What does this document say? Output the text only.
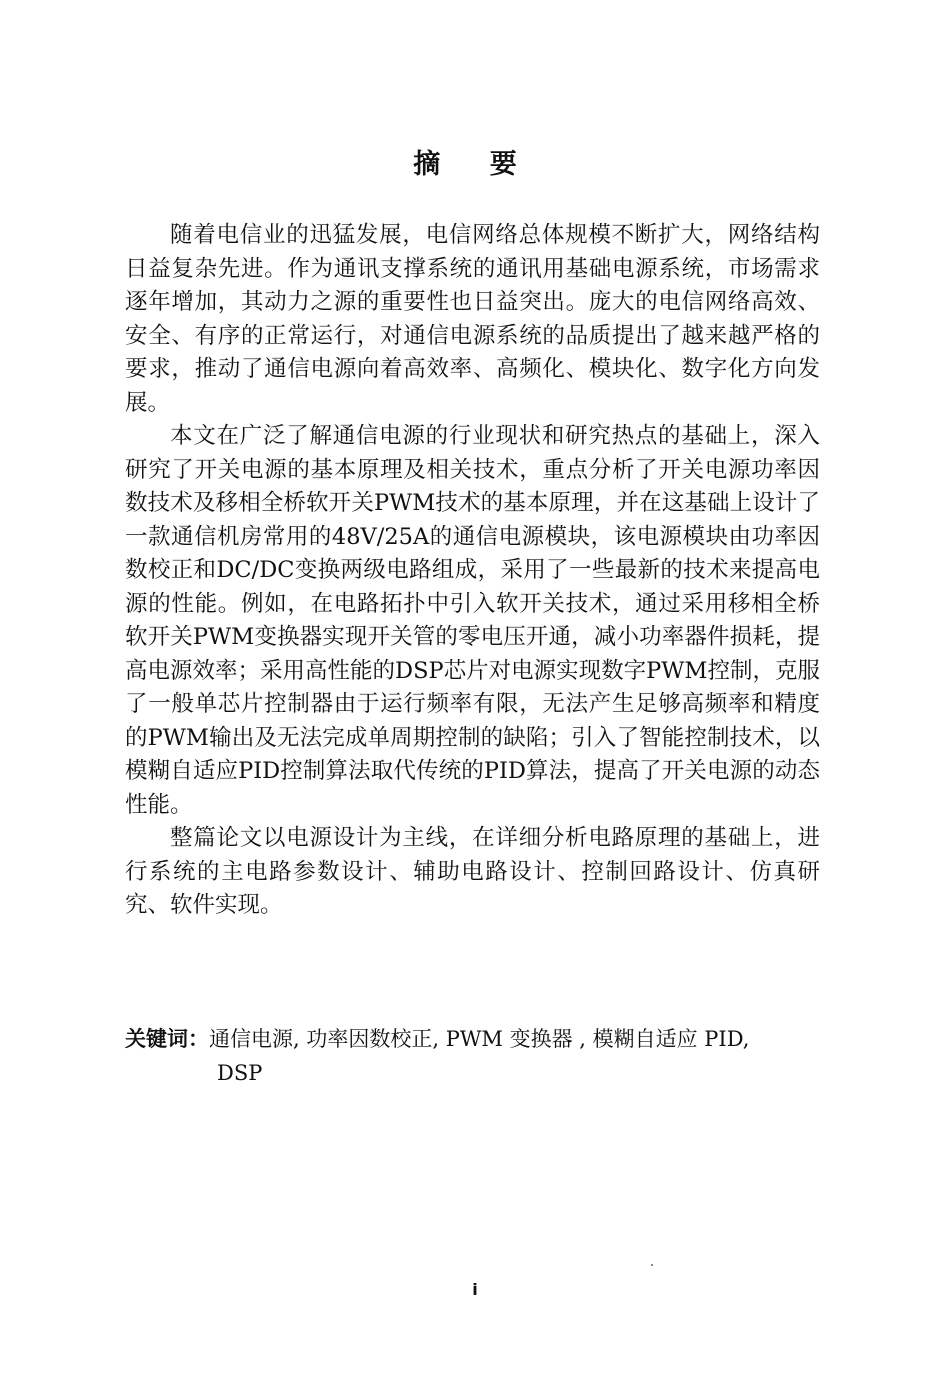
摘 要

随着电信业的迅猛发展，电信网络总体规模不断扩大，网络结构日益复杂先进。作为通讯支撑系统的通讯用基础电源系统，市场需求逐年增加，其动力之源的重要性也日益突出。庞大的电信网络高效、安全、有序的正常运行，对通信电源系统的品质提出了越来越严格的要求，推动了通信电源向着高效率、高频化、模块化、数字化方向发展。

本文在广泛了解通信电源的行业现状和研究热点的基础上，深入研究了开关电源的基本原理及相关技术，重点分析了开关电源功率因数技术及移相全桥软开关PWM技术的基本原理，并在这基础上设计了一款通信机房常用的48V/25A的通信电源模块，该电源模块由功率因数校正和DC/DC变换两级电路组成，采用了一些最新的技术来提高电源的性能。例如，在电路拓扑中引入软开关技术，通过采用移相全桥软开关PWM变换器实现开关管的零电压开通，减小功率器件损耗，提高电源效率；采用高性能的DSP芯片对电源实现数字PWM控制，克服了一般单芯片控制器由于运行频率有限，无法产生足够高频率和精度的PWM输出及无法完成单周期控制的缺陷；引入了智能控制技术，以模糊自适应PID控制算法取代传统的PID算法，提高了开关电源的动态性能。

整篇论文以电源设计为主线，在详细分析电路原理的基础上，进行系统的主电路参数设计、辅助电路设计、控制回路设计、仿真研究、软件实现。

关键词：通信电源, 功率因数校正, PWM 变换器 , 模糊自适应 PID,
DSP
i
